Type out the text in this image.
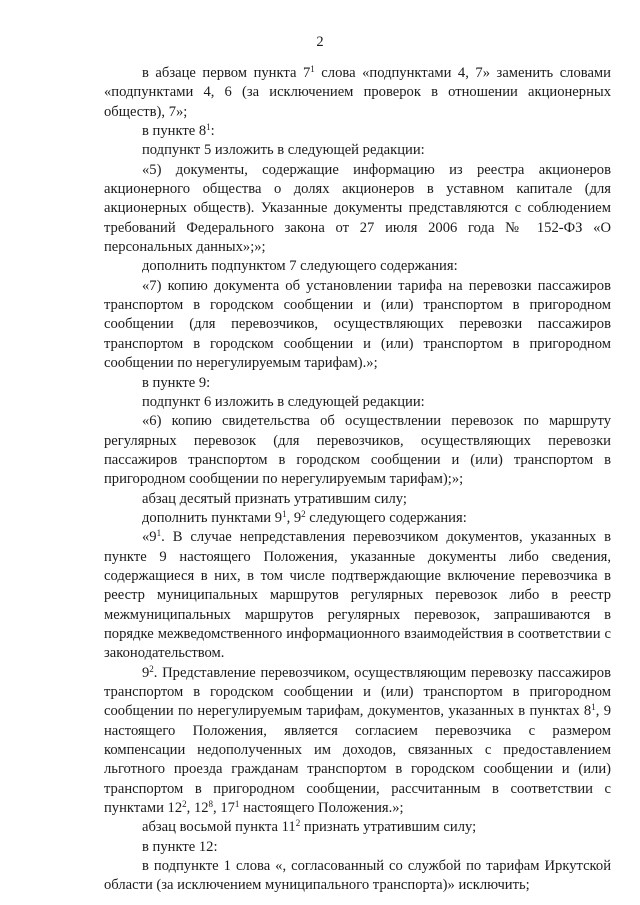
2

в абзаце первом пункта $7^1$ слова «подпунктами 4, 7» заменить словами «подпунктами 4, 6 (за исключением проверок в отношении акционерных обществ), 7»;

в пункте $8^1$:

подпункт 5 изложить в следующей редакции:

«5) документы, содержащие информацию из реестра акционеров акционерного общества о долях акционеров в уставном капитале (для акционерных обществ). Указанные документы представляются с соблюдением требований Федерального закона от 27 июля 2006 года № 152-ФЗ «О персональных данных»;»;

дополнить подпунктом 7 следующего содержания:

«7) копию документа об установлении тарифа на перевозки пассажиров транспортом в городском сообщении и (или) транспортом в пригородном сообщении (для перевозчиков, осуществляющих перевозки пассажиров транспортом в городском сообщении и (или) транспортом в пригородном сообщении по нерегулируемым тарифам).»;

в пункте 9:

подпункт 6 изложить в следующей редакции:

«6) копию свидетельства об осуществлении перевозок по маршруту регулярных перевозок (для перевозчиков, осуществляющих перевозки пассажиров транспортом в городском сообщении и (или) транспортом в пригородном сообщении по нерегулируемым тарифам);»;

абзац десятый признать утратившим силу;

дополнить пунктами $9^1$, $9^2$ следующего содержания:

«$9^1$. В случае непредставления перевозчиком документов, указанных в пункте 9 настоящего Положения, указанные документы либо сведения, содержащиеся в них, в том числе подтверждающие включение перевозчика в реестр муниципальных маршрутов регулярных перевозок либо в реестр межмуниципальных маршрутов регулярных перевозок, запрашиваются в порядке межведомственного информационного взаимодействия в соответствии с законодательством.

$9^2$. Представление перевозчиком, осуществляющим перевозку пассажиров транспортом в городском сообщении и (или) транспортом в пригородном сообщении по нерегулируемым тарифам, документов, указанных в пунктах $8^1$, 9 настоящего Положения, является согласием перевозчика с размером компенсации недополученных им доходов, связанных с предоставлением льготного проезда гражданам транспортом в городском сообщении и (или) транспортом в пригородном сообщении, рассчитанным в соответствии с пунктами $12^2$, $12^8$, $17^1$ настоящего Положения.»;

абзац восьмой пункта $11^2$ признать утратившим силу;

в пункте 12:

в подпункте 1 слова «, согласованный со службой по тарифам Иркутской области (за исключением муниципального транспорта)» исключить;
